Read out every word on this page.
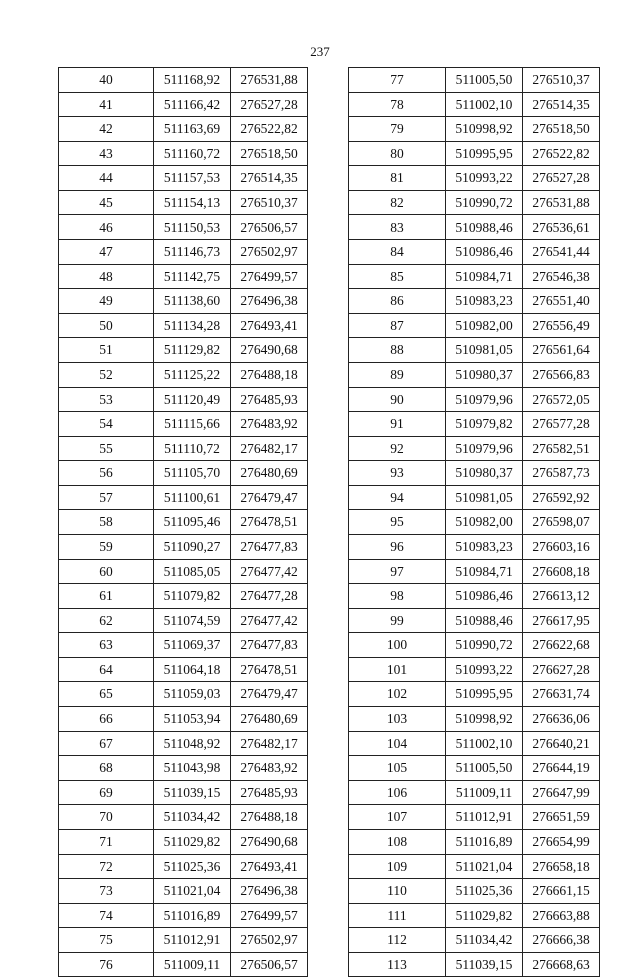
237
40	511168,92	276531,88
41	511166,42	276527,28
42	511163,69	276522,82
43	511160,72	276518,50
44	511157,53	276514,35
45	511154,13	276510,37
46	511150,53	276506,57
47	511146,73	276502,97
48	511142,75	276499,57
49	511138,60	276496,38
50	511134,28	276493,41
51	511129,82	276490,68
52	511125,22	276488,18
53	511120,49	276485,93
54	511115,66	276483,92
55	511110,72	276482,17
56	511105,70	276480,69
57	511100,61	276479,47
58	511095,46	276478,51
59	511090,27	276477,83
60	511085,05	276477,42
61	511079,82	276477,28
62	511074,59	276477,42
63	511069,37	276477,83
64	511064,18	276478,51
65	511059,03	276479,47
66	511053,94	276480,69
67	511048,92	276482,17
68	511043,98	276483,92
69	511039,15	276485,93
70	511034,42	276488,18
71	511029,82	276490,68
72	511025,36	276493,41
73	511021,04	276496,38
74	511016,89	276499,57
75	511012,91	276502,97
76	511009,11	276506,57
77	511005,50	276510,37
78	511002,10	276514,35
79	510998,92	276518,50
80	510995,95	276522,82
81	510993,22	276527,28
82	510990,72	276531,88
83	510988,46	276536,61
84	510986,46	276541,44
85	510984,71	276546,38
86	510983,23	276551,40
87	510982,00	276556,49
88	510981,05	276561,64
89	510980,37	276566,83
90	510979,96	276572,05
91	510979,82	276577,28
92	510979,96	276582,51
93	510980,37	276587,73
94	510981,05	276592,92
95	510982,00	276598,07
96	510983,23	276603,16
97	510984,71	276608,18
98	510986,46	276613,12
99	510988,46	276617,95
100	510990,72	276622,68
101	510993,22	276627,28
102	510995,95	276631,74
103	510998,92	276636,06
104	511002,10	276640,21
105	511005,50	276644,19
106	511009,11	276647,99
107	511012,91	276651,59
108	511016,89	276654,99
109	511021,04	276658,18
110	511025,36	276661,15
111	511029,82	276663,88
112	511034,42	276666,38
113	511039,15	276668,63
